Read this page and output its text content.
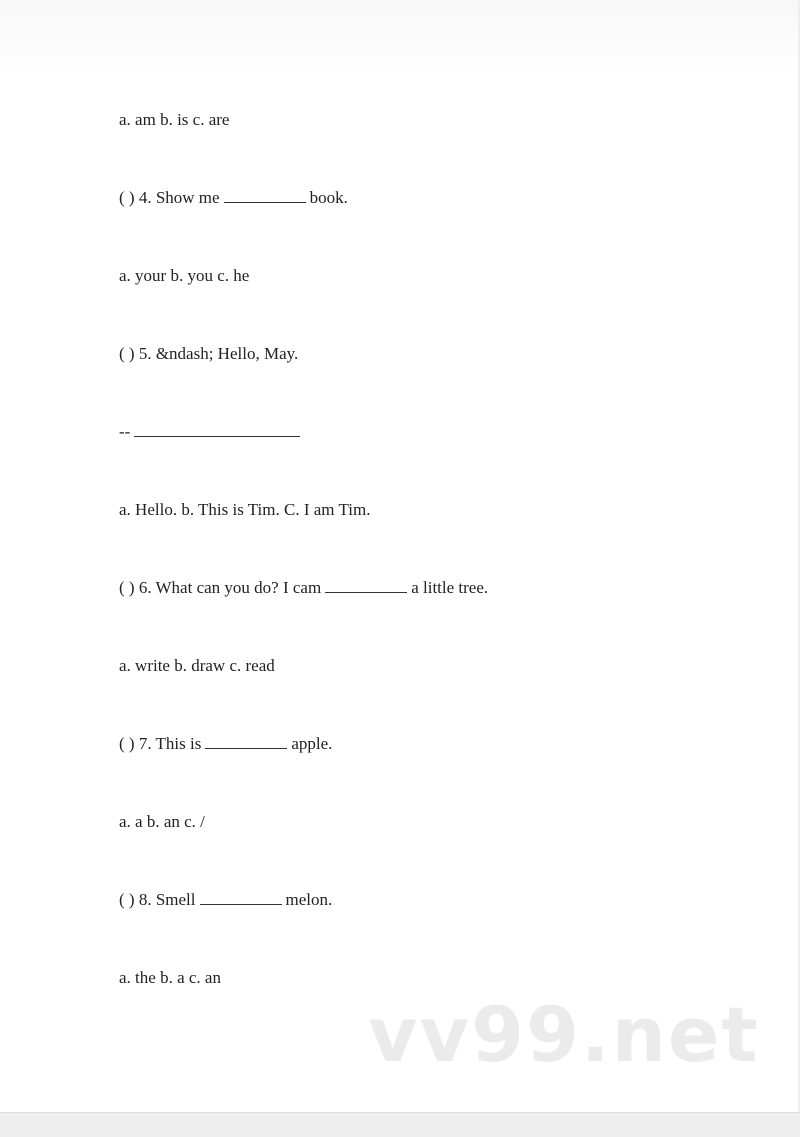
a. am b. is c. are

( ) 4. Show me	book.

a. your b. you c. he

( ) 5. &ndash; Hello, May.

--

a. Hello. b. This is Tim. C. I am Tim.

( ) 6. What can you do? I cam	a little tree.

a. write b. draw c. read

( ) 7. This is	apple.

a. a b. an c. /

( ) 8. Smell	melon.

a. the b. a c. an

vv99.net
